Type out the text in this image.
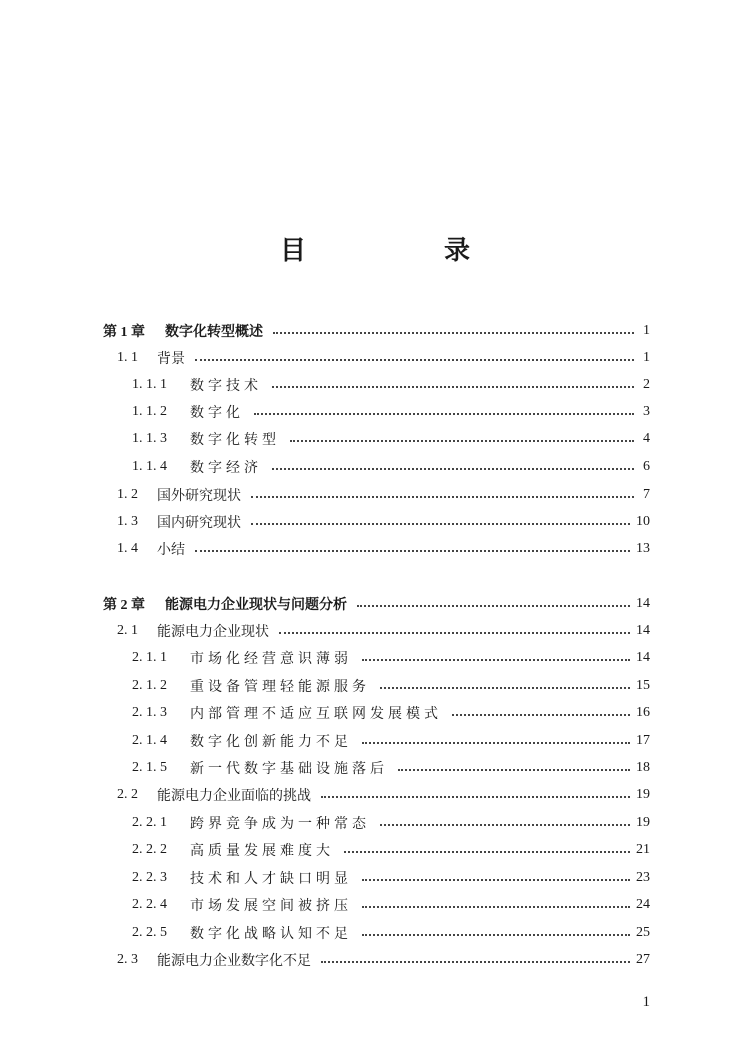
目　录
第 1 章	数字化转型概述	1
1. 1	背景	1
1. 1. 1	数字技术	2
1. 1. 2	数字化	3
1. 1. 3	数字化转型	4
1. 1. 4	数字经济	6
1. 2	国外研究现状	7
1. 3	国内研究现状	10
1. 4	小结	13
第 2 章	能源电力企业现状与问题分析	14
2. 1	能源电力企业现状	14
2. 1. 1	市场化经营意识薄弱	14
2. 1. 2	重设备管理轻能源服务	15
2. 1. 3	内部管理不适应互联网发展模式	16
2. 1. 4	数字化创新能力不足	17
2. 1. 5	新一代数字基础设施落后	18
2. 2	能源电力企业面临的挑战	19
2. 2. 1	跨界竞争成为一种常态	19
2. 2. 2	高质量发展难度大	21
2. 2. 3	技术和人才缺口明显	23
2. 2. 4	市场发展空间被挤压	24
2. 2. 5	数字化战略认知不足	25
2. 3	能源电力企业数字化不足	27
1
